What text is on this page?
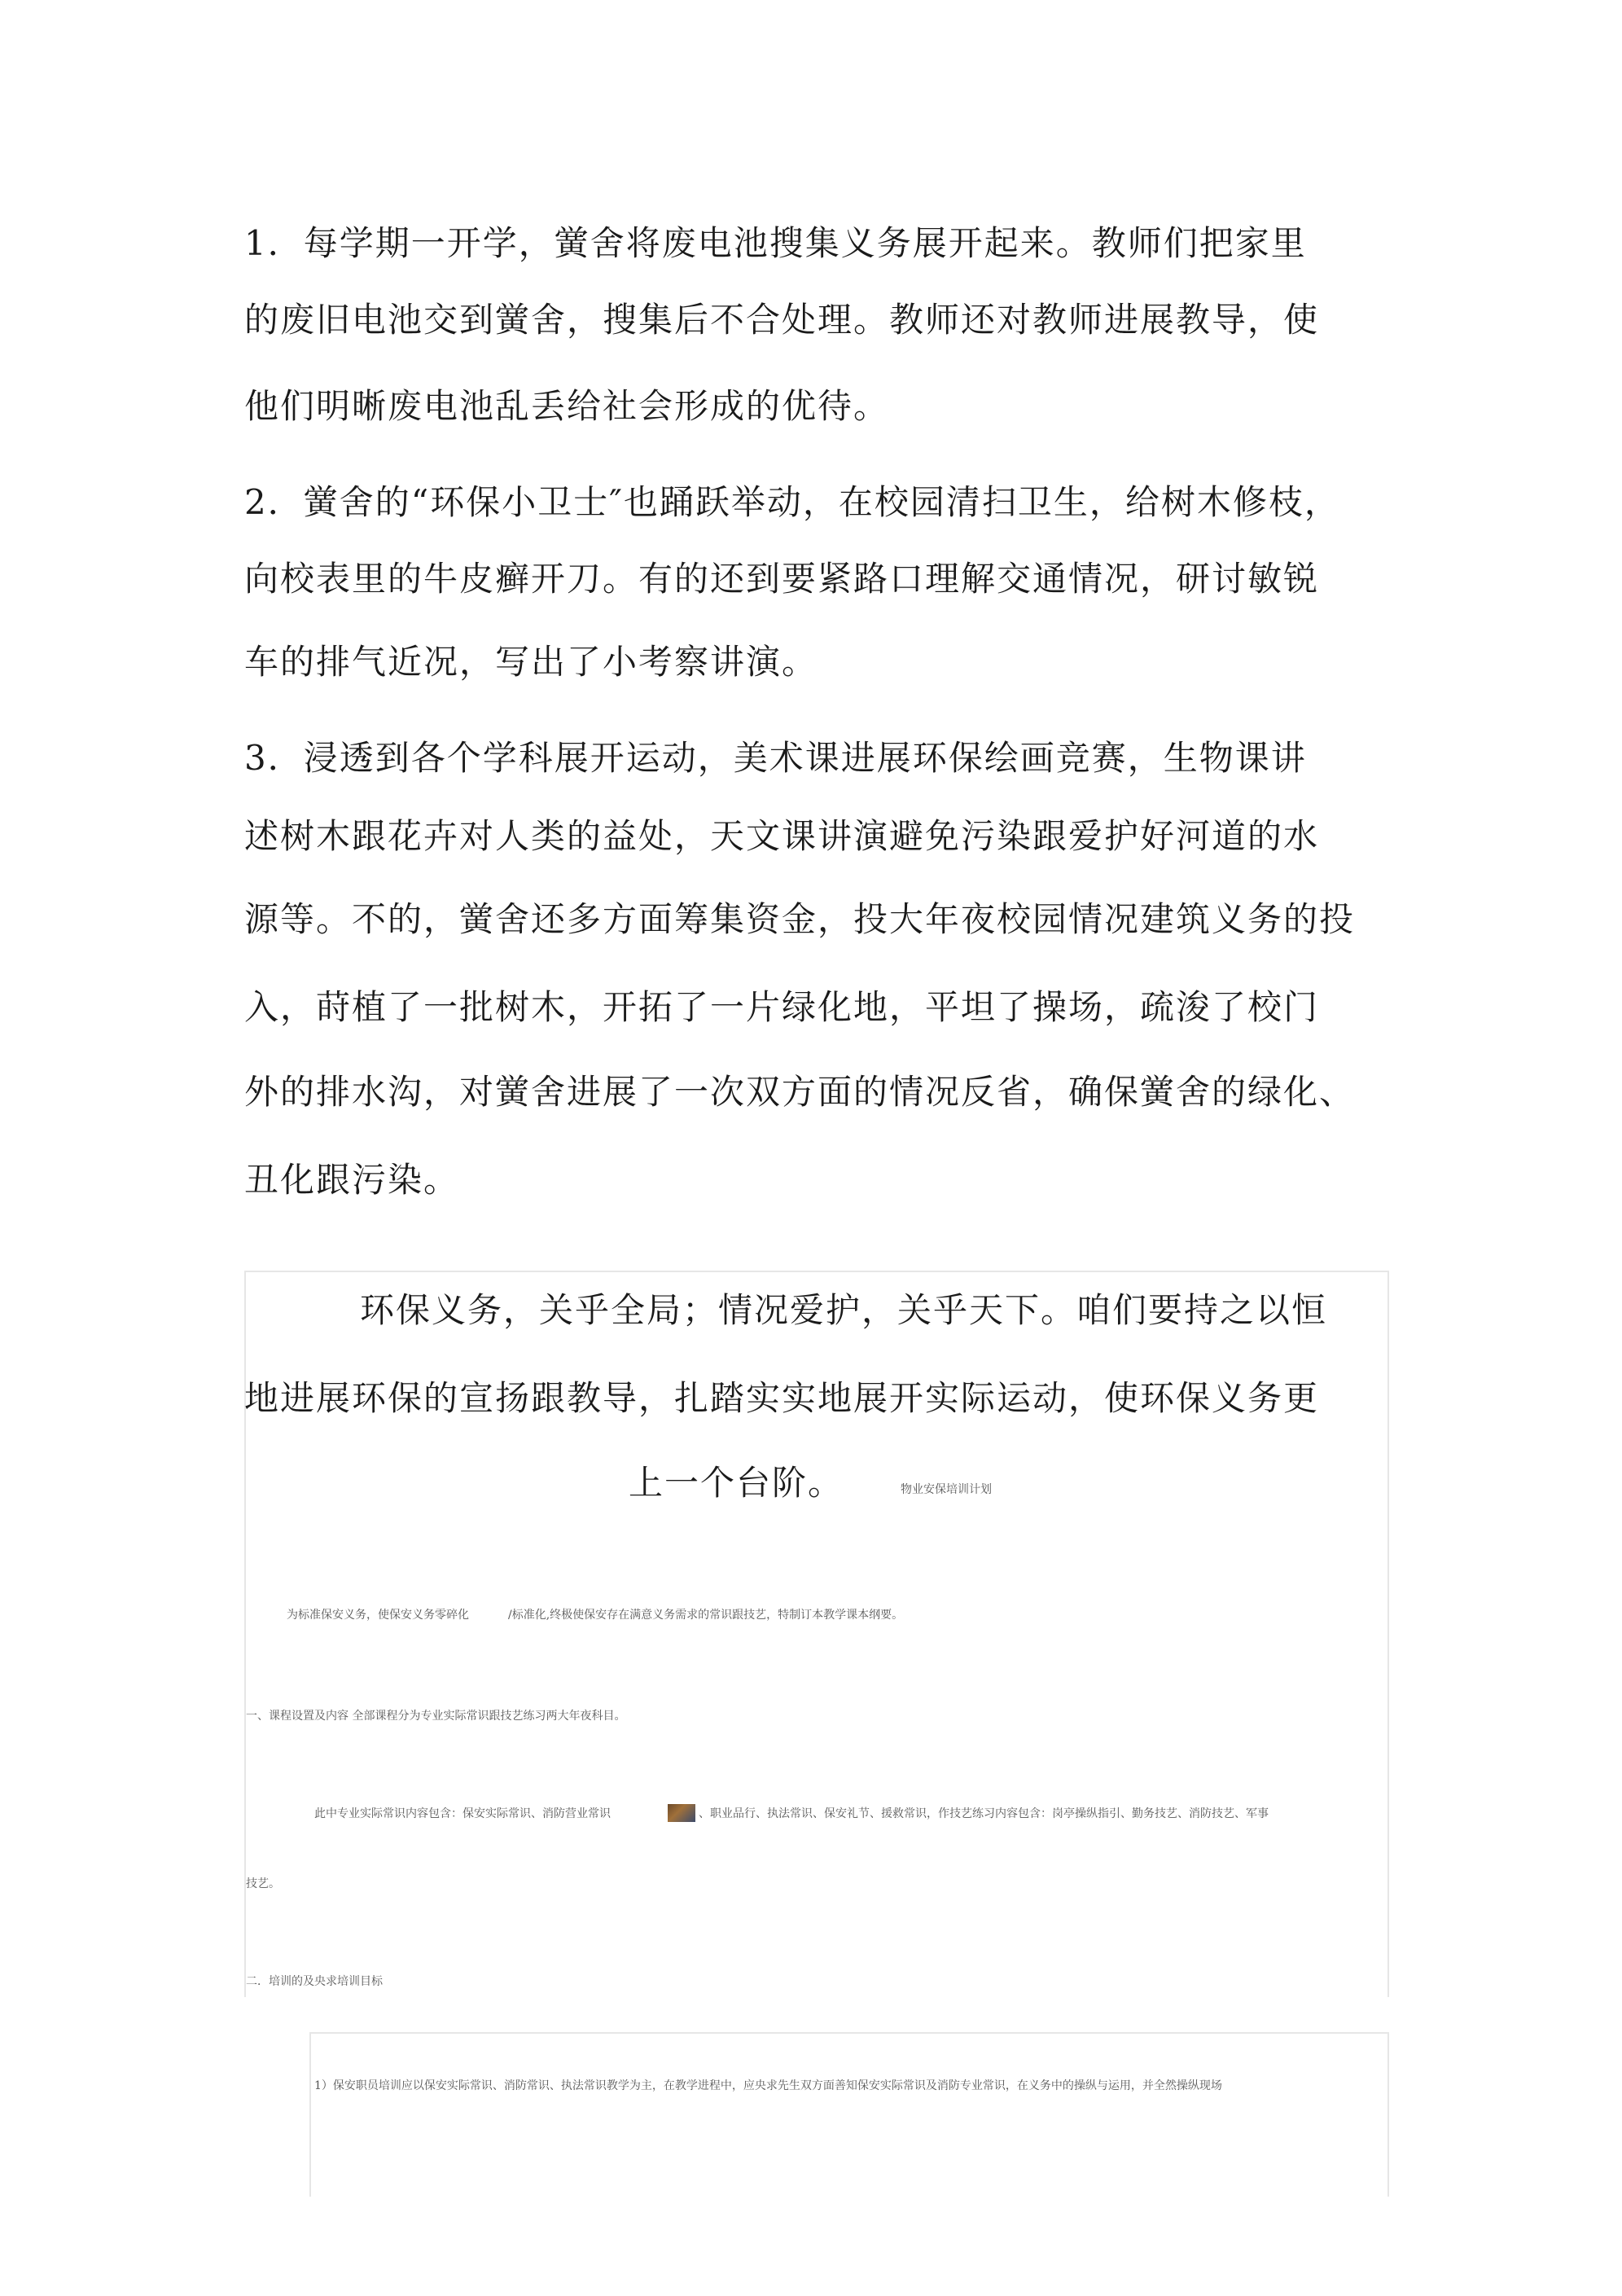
1．每学期一开学，黉舍将废电池搜集义务展开起来。教师们把家里
的废旧电池交到黉舍，搜集后不合处理。教师还对教师进展教导，使
他们明晰废电池乱丢给社会形成的优待。
2．黉舍的“环保小卫士″也踊跃举动，在校园清扫卫生，给树木修枝，
向校表里的牛皮癣开刀。有的还到要紧路口理解交通情况，研讨敏锐
车的排气近况，写出了小考察讲演。
3．浸透到各个学科展开运动，美术课进展环保绘画竞赛，生物课讲
述树木跟花卉对人类的益处，天文课讲演避免污染跟爱护好河道的水
源等。不的，黉舍还多方面筹集资金，投大年夜校园情况建筑义务的投
入，莳植了一批树木，开拓了一片绿化地，平坦了操场，疏浚了校门
外的排水沟，对黉舍进展了一次双方面的情况反省，确保黉舍的绿化、
丑化跟污染。
环保义务，关乎全局；情况爱护，关乎天下。咱们要持之以恒
地进展环保的宣扬跟教导，扎踏实实地展开实际运动，使环保义务更
上一个台阶。	物业安保培训计划
为标准保安义务，使保安义务零碎化	/标准化,终极使保安存在满意义务需求的常识跟技艺，特制订本教学课本纲要。
一、课程设置及内容 全部课程分为专业实际常识跟技艺练习两大年夜科目。
此中专业实际常识内容包含：保安实际常识、消防营业常识	、职业品行、执法常识、保安礼节、援救常识，作技艺练习内容包含：岗亭操纵指引、勤务技艺、消防技艺、军事
技艺。
二．培训的及央求培训目标
1）保安职员培训应以保安实际常识、消防常识、执法常识教学为主，在教学进程中，应央求先生双方面善知保安实际常识及消防专业常识，在义务中的操纵与运用，并全然操纵现场
